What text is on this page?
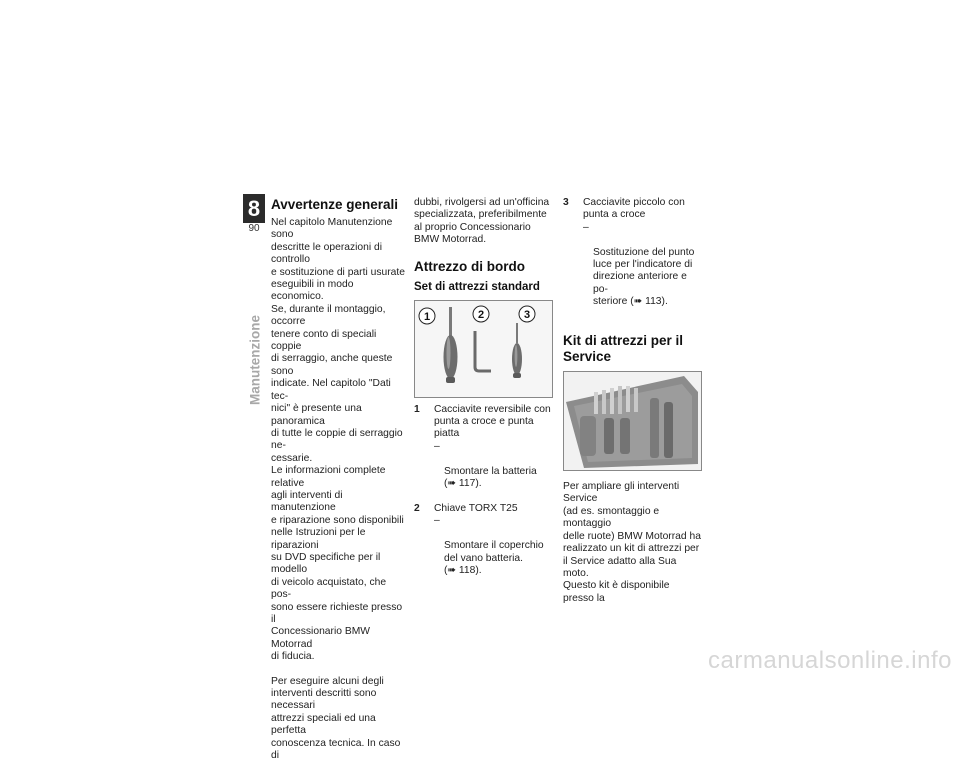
8
90
Manutenzione
Avvertenze generali

Nel capitolo Manutenzione sono
descritte le operazioni di controllo
e sostituzione di parti usurate
eseguibili in modo economico.
Se, durante il montaggio, occorre
tenere conto di speciali coppie
di serraggio, anche queste sono
indicate. Nel capitolo "Dati tec-
nici" è presente una panoramica
di tutte le coppie di serraggio ne-
cessarie.
Le informazioni complete relative
agli interventi di manutenzione
e riparazione sono disponibili
nelle Istruzioni per le riparazioni
su DVD specifiche per il modello
di veicolo acquistato, che pos-
sono essere richieste presso il
Concessionario BMW Motorrad
di fiducia.

Per eseguire alcuni degli
interventi descritti sono necessari
attrezzi speciali ed una perfetta
conoscenza tecnica. In caso di

dubbi, rivolgersi ad un'officina
specializzata, preferibilmente
al proprio Concessionario
BMW Motorrad.

Attrezzo di bordo
Set di attrezzi standard
1	2	3
1 Cacciavite reversibile con
punta a croce e punta
piatta

–

Smontare la batteria
(➠ 117).

2 Chiave TORX T25

–

Smontare il coperchio
del vano batteria.
(➠ 118).

3 Cacciavite piccolo con
punta a croce

–

Sostituzione del punto
luce per l'indicatore di
direzione anteriore e po-
steriore (➠ 113).

Kit di attrezzi per il
Service

Per ampliare gli interventi Service
(ad es. smontaggio e montaggio
delle ruote) BMW Motorrad ha
realizzato un kit di attrezzi per
il Service adatto alla Sua moto.
Questo kit è disponibile presso la

carmanualsonline.info
